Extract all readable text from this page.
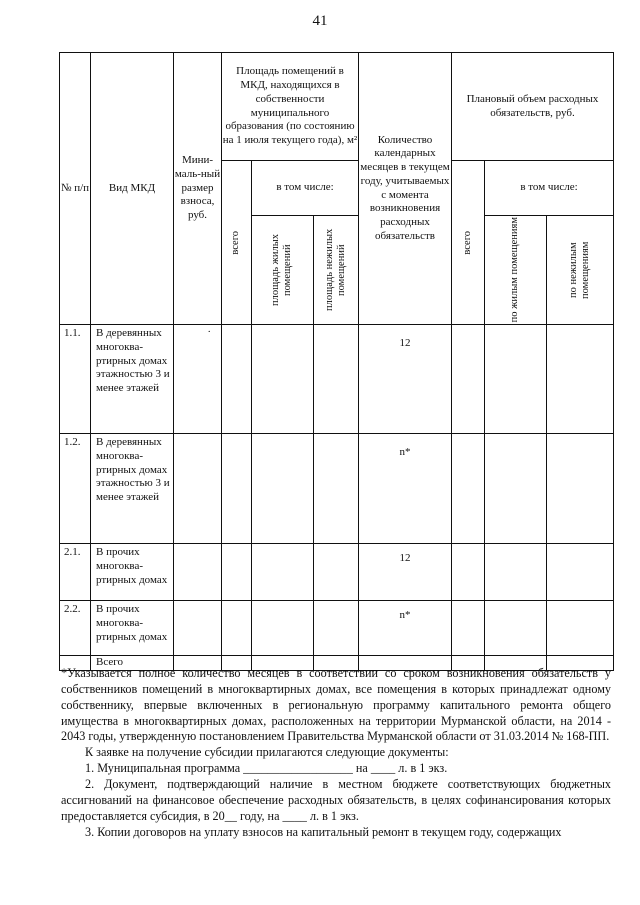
41
№ п/п	Вид МКД	Мини-маль-ный размер взноса, руб.	Площадь помещений в МКД, находящихся в собственности муниципального образования (по состоянию на 1 июля текущего года), м²			Количество календарных месяцев в текущем году, учитываемых с момента возникновения расходных обязательств	Плановый объем расходных обязательств, руб.		

			всего	в том числе:			всего	в том числе:	

				площадь жилых помещений	площадь нежилых помещений			по жилым помещениям	по нежилым помещениям

1.1.	В деревянных многоква-ртирных домах этажностью 3 и менее этажей	·				12			
1.2.	В деревянных многоква-ртирных домах этажностью 3 и менее этажей					n*			
2.1.	В прочих многоква-ртирных домах					12			
2.2.	В прочих многоква-ртирных домах					n*			
	Всего								

*Указывается полное количество месяцев в соответствии со сроком возникновения обязательств у собственников помещений в многоквартирных домах, все помещения в которых принадлежат одному собственнику, впервые включенных в региональную программу капитального ремонта общего имущества в многоквартирных домах, расположенных на территории Мурманской области, на 2014 - 2043 годы, утвержденную постановлением Правительства Мурманской области от 31.03.2014 № 168-ПП.

К заявке на получение субсидии прилагаются следующие документы:

1. Муниципальная программа __________________ на ____ л. в 1 экз.

2. Документ, подтверждающий наличие в местном бюджете соответствующих бюджетных ассигнований на финансовое обеспечение расходных обязательств, в целях софинансирования которых предоставляется субсидия, в 20__ году, на ____ л. в 1 экз.

3. Копии договоров на уплату взносов на капитальный ремонт в текущем году, содержащих
